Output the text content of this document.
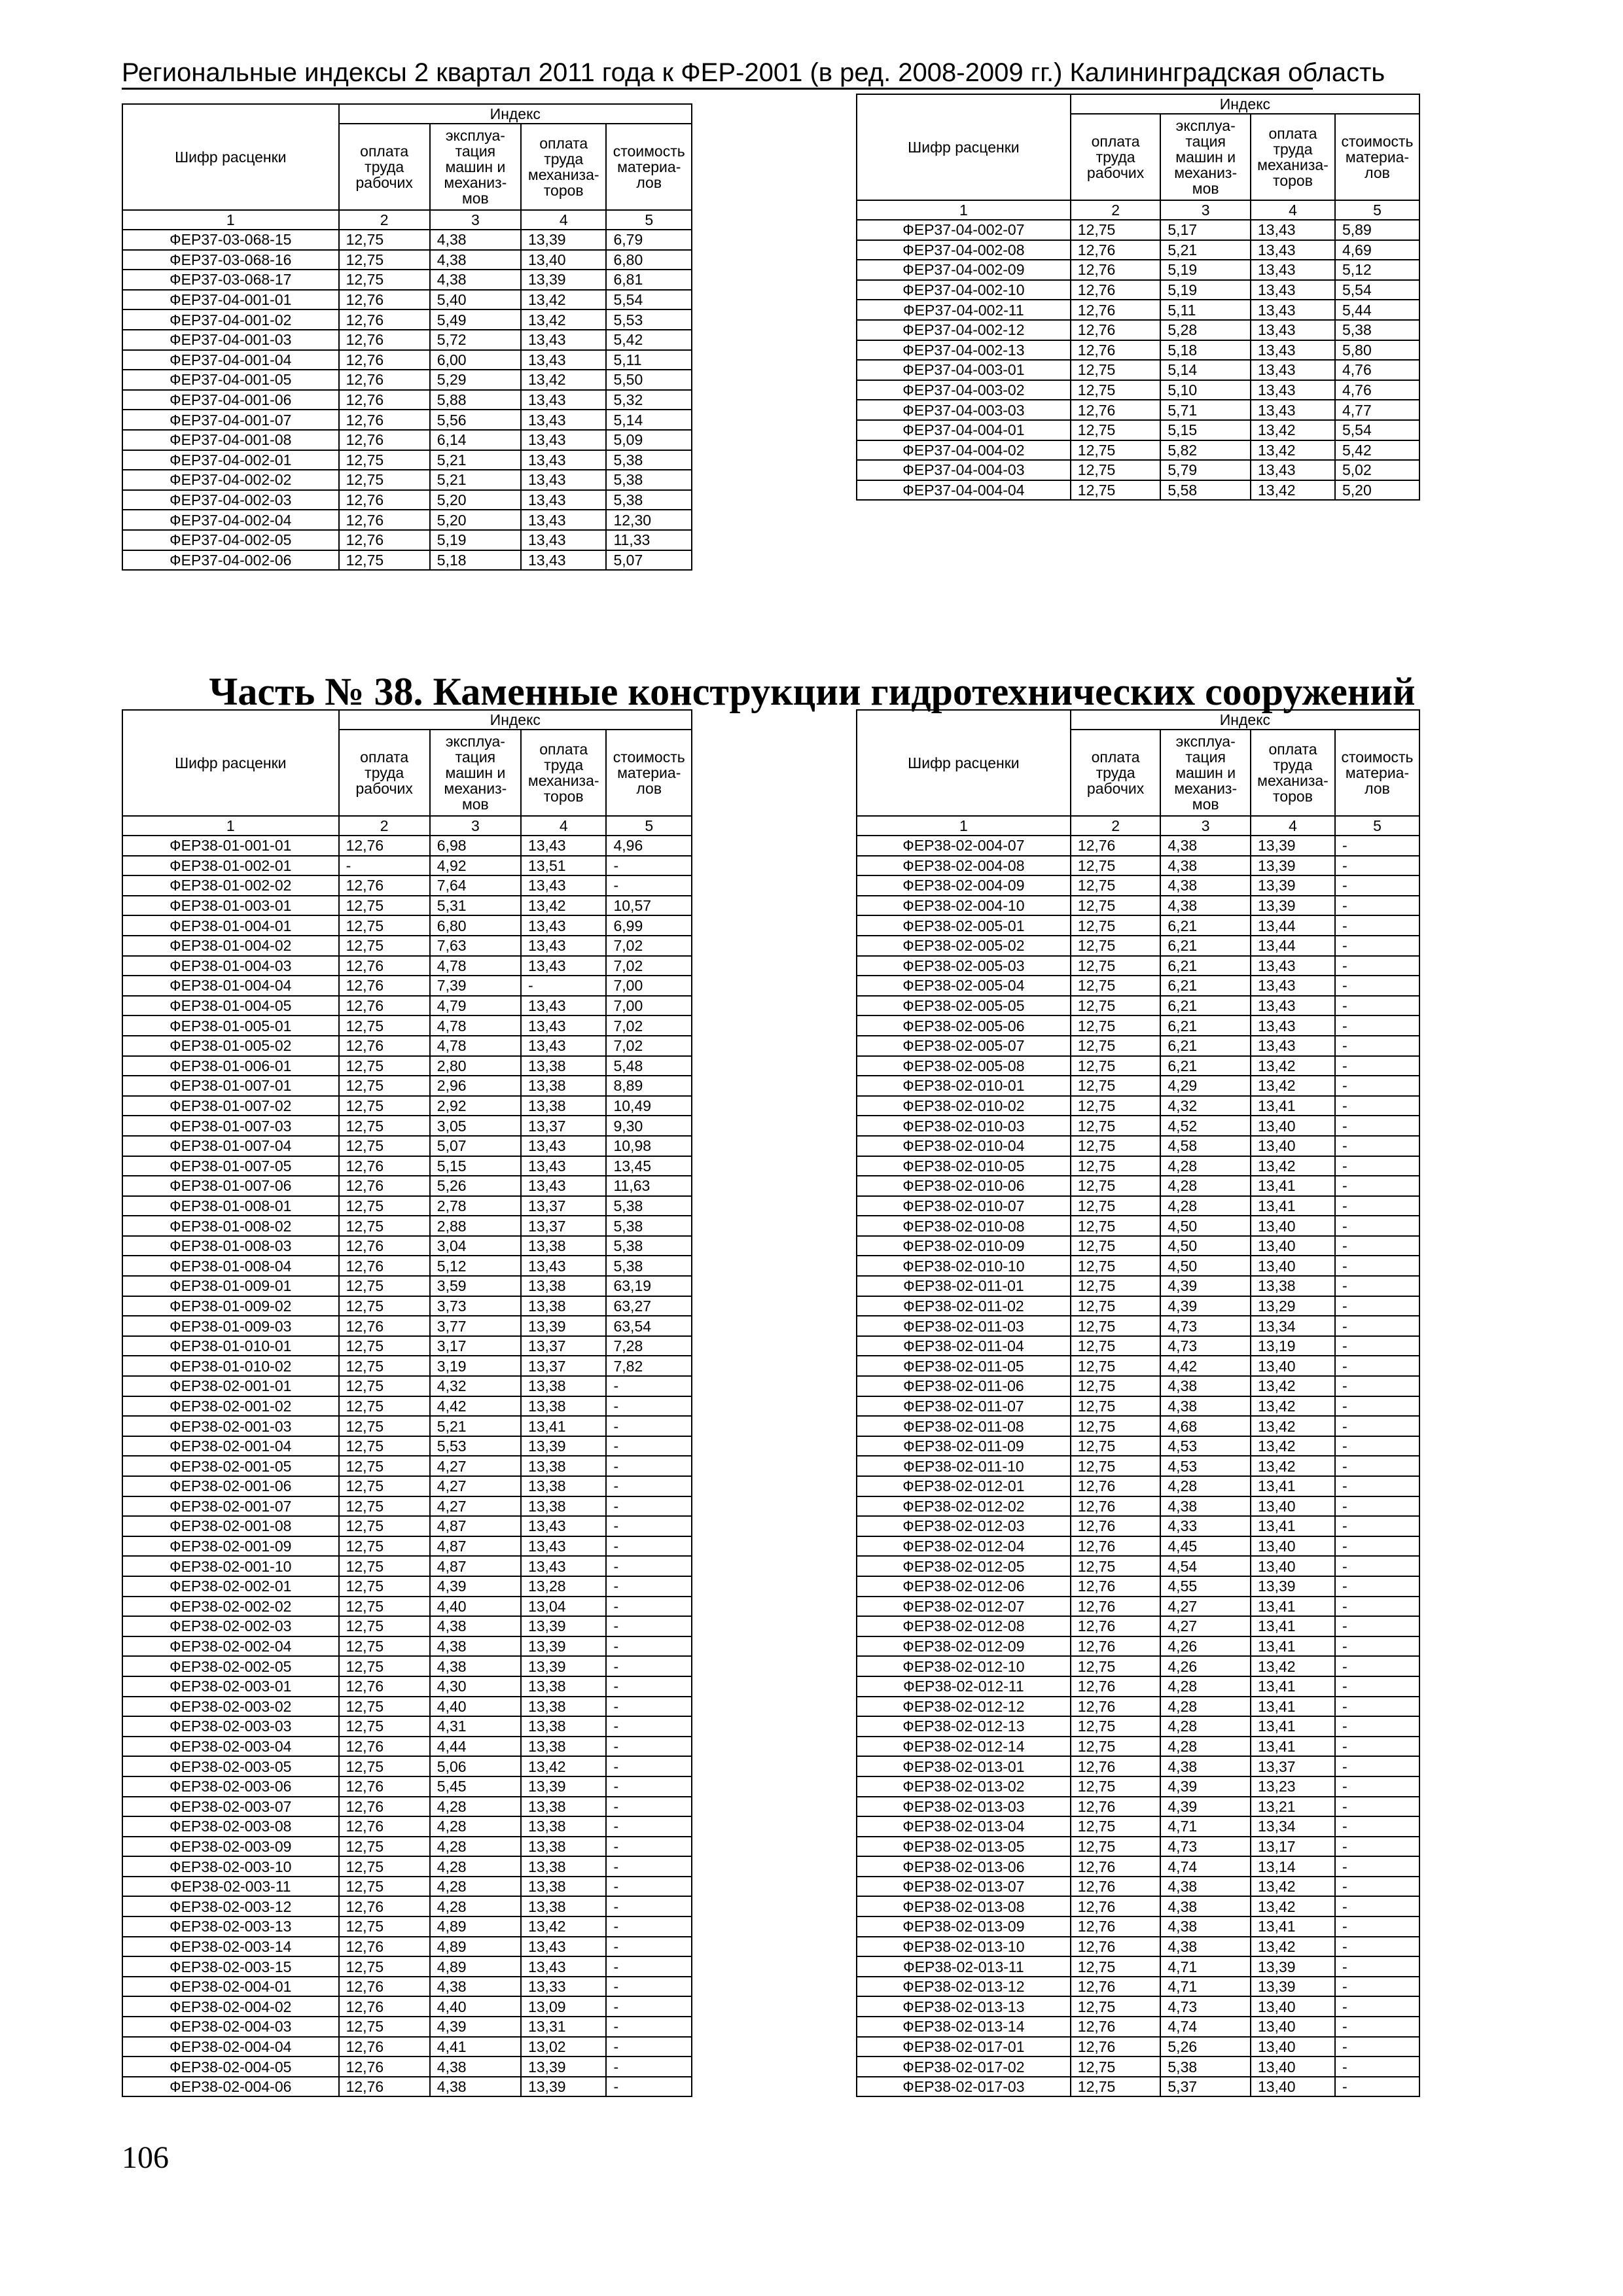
Региональные индексы 2 квартал 2011 года к ФЕР-2001 (в ред. 2008-2009 гг.) Калининградская область
Шифр расценки	Индекс			
	оплата труда рабочих	эксплуа-тация машин и механиз-мов	оплата труда механиза-торов	стоимость материа-лов
1	2	3	4	5
ФЕР37-03-068-15	12,75	4,38	13,39	6,79
ФЕР37-03-068-16	12,75	4,38	13,40	6,80
ФЕР37-03-068-17	12,75	4,38	13,39	6,81
ФЕР37-04-001-01	12,76	5,40	13,42	5,54
ФЕР37-04-001-02	12,76	5,49	13,42	5,53
ФЕР37-04-001-03	12,76	5,72	13,43	5,42
ФЕР37-04-001-04	12,76	6,00	13,43	5,11
ФЕР37-04-001-05	12,76	5,29	13,42	5,50
ФЕР37-04-001-06	12,76	5,88	13,43	5,32
ФЕР37-04-001-07	12,76	5,56	13,43	5,14
ФЕР37-04-001-08	12,76	6,14	13,43	5,09
ФЕР37-04-002-01	12,75	5,21	13,43	5,38
ФЕР37-04-002-02	12,75	5,21	13,43	5,38
ФЕР37-04-002-03	12,76	5,20	13,43	5,38
ФЕР37-04-002-04	12,76	5,20	13,43	12,30
ФЕР37-04-002-05	12,76	5,19	13,43	11,33
ФЕР37-04-002-06	12,75	5,18	13,43	5,07
Шифр расценки	Индекс			
	оплата труда рабочих	эксплуа-тация машин и механиз-мов	оплата труда механиза-торов	стоимость материа-лов
1	2	3	4	5
ФЕР37-04-002-07	12,75	5,17	13,43	5,89
ФЕР37-04-002-08	12,76	5,21	13,43	4,69
ФЕР37-04-002-09	12,76	5,19	13,43	5,12
ФЕР37-04-002-10	12,76	5,19	13,43	5,54
ФЕР37-04-002-11	12,76	5,11	13,43	5,44
ФЕР37-04-002-12	12,76	5,28	13,43	5,38
ФЕР37-04-002-13	12,76	5,18	13,43	5,80
ФЕР37-04-003-01	12,75	5,14	13,43	4,76
ФЕР37-04-003-02	12,75	5,10	13,43	4,76
ФЕР37-04-003-03	12,76	5,71	13,43	4,77
ФЕР37-04-004-01	12,75	5,15	13,42	5,54
ФЕР37-04-004-02	12,75	5,82	13,42	5,42
ФЕР37-04-004-03	12,75	5,79	13,43	5,02
ФЕР37-04-004-04	12,75	5,58	13,42	5,20
Часть № 38. Каменные конструкции гидротехнических сооружений
Шифр расценки	Индекс			
	оплата труда рабочих	эксплуа-тация машин и механиз-мов	оплата труда механиза-торов	стоимость материа-лов
1	2	3	4	5
ФЕР38-01-001-01	12,76	6,98	13,43	4,96
ФЕР38-01-002-01	-	4,92	13,51	-
ФЕР38-01-002-02	12,76	7,64	13,43	-
ФЕР38-01-003-01	12,75	5,31	13,42	10,57
ФЕР38-01-004-01	12,75	6,80	13,43	6,99
ФЕР38-01-004-02	12,75	7,63	13,43	7,02
ФЕР38-01-004-03	12,76	4,78	13,43	7,02
ФЕР38-01-004-04	12,76	7,39	-	7,00
ФЕР38-01-004-05	12,76	4,79	13,43	7,00
ФЕР38-01-005-01	12,75	4,78	13,43	7,02
ФЕР38-01-005-02	12,76	4,78	13,43	7,02
ФЕР38-01-006-01	12,75	2,80	13,38	5,48
ФЕР38-01-007-01	12,75	2,96	13,38	8,89
ФЕР38-01-007-02	12,75	2,92	13,38	10,49
ФЕР38-01-007-03	12,75	3,05	13,37	9,30
ФЕР38-01-007-04	12,75	5,07	13,43	10,98
ФЕР38-01-007-05	12,76	5,15	13,43	13,45
ФЕР38-01-007-06	12,76	5,26	13,43	11,63
ФЕР38-01-008-01	12,75	2,78	13,37	5,38
ФЕР38-01-008-02	12,75	2,88	13,37	5,38
ФЕР38-01-008-03	12,76	3,04	13,38	5,38
ФЕР38-01-008-04	12,76	5,12	13,43	5,38
ФЕР38-01-009-01	12,75	3,59	13,38	63,19
ФЕР38-01-009-02	12,75	3,73	13,38	63,27
ФЕР38-01-009-03	12,76	3,77	13,39	63,54
ФЕР38-01-010-01	12,75	3,17	13,37	7,28
ФЕР38-01-010-02	12,75	3,19	13,37	7,82
ФЕР38-02-001-01	12,75	4,32	13,38	-
ФЕР38-02-001-02	12,75	4,42	13,38	-
ФЕР38-02-001-03	12,75	5,21	13,41	-
ФЕР38-02-001-04	12,75	5,53	13,39	-
ФЕР38-02-001-05	12,75	4,27	13,38	-
ФЕР38-02-001-06	12,75	4,27	13,38	-
ФЕР38-02-001-07	12,75	4,27	13,38	-
ФЕР38-02-001-08	12,75	4,87	13,43	-
ФЕР38-02-001-09	12,75	4,87	13,43	-
ФЕР38-02-001-10	12,75	4,87	13,43	-
ФЕР38-02-002-01	12,75	4,39	13,28	-
ФЕР38-02-002-02	12,75	4,40	13,04	-
ФЕР38-02-002-03	12,75	4,38	13,39	-
ФЕР38-02-002-04	12,75	4,38	13,39	-
ФЕР38-02-002-05	12,75	4,38	13,39	-
ФЕР38-02-003-01	12,76	4,30	13,38	-
ФЕР38-02-003-02	12,75	4,40	13,38	-
ФЕР38-02-003-03	12,75	4,31	13,38	-
ФЕР38-02-003-04	12,76	4,44	13,38	-
ФЕР38-02-003-05	12,75	5,06	13,42	-
ФЕР38-02-003-06	12,76	5,45	13,39	-
ФЕР38-02-003-07	12,76	4,28	13,38	-
ФЕР38-02-003-08	12,76	4,28	13,38	-
ФЕР38-02-003-09	12,75	4,28	13,38	-
ФЕР38-02-003-10	12,75	4,28	13,38	-
ФЕР38-02-003-11	12,75	4,28	13,38	-
ФЕР38-02-003-12	12,76	4,28	13,38	-
ФЕР38-02-003-13	12,75	4,89	13,42	-
ФЕР38-02-003-14	12,76	4,89	13,43	-
ФЕР38-02-003-15	12,75	4,89	13,43	-
ФЕР38-02-004-01	12,76	4,38	13,33	-
ФЕР38-02-004-02	12,76	4,40	13,09	-
ФЕР38-02-004-03	12,75	4,39	13,31	-
ФЕР38-02-004-04	12,76	4,41	13,02	-
ФЕР38-02-004-05	12,76	4,38	13,39	-
ФЕР38-02-004-06	12,76	4,38	13,39	-
Шифр расценки	Индекс			
	оплата труда рабочих	эксплуа-тация машин и механиз-мов	оплата труда механиза-торов	стоимость материа-лов
1	2	3	4	5
ФЕР38-02-004-07	12,76	4,38	13,39	-
ФЕР38-02-004-08	12,75	4,38	13,39	-
ФЕР38-02-004-09	12,75	4,38	13,39	-
ФЕР38-02-004-10	12,75	4,38	13,39	-
ФЕР38-02-005-01	12,75	6,21	13,44	-
ФЕР38-02-005-02	12,75	6,21	13,44	-
ФЕР38-02-005-03	12,75	6,21	13,43	-
ФЕР38-02-005-04	12,75	6,21	13,43	-
ФЕР38-02-005-05	12,75	6,21	13,43	-
ФЕР38-02-005-06	12,75	6,21	13,43	-
ФЕР38-02-005-07	12,75	6,21	13,43	-
ФЕР38-02-005-08	12,75	6,21	13,42	-
ФЕР38-02-010-01	12,75	4,29	13,42	-
ФЕР38-02-010-02	12,75	4,32	13,41	-
ФЕР38-02-010-03	12,75	4,52	13,40	-
ФЕР38-02-010-04	12,75	4,58	13,40	-
ФЕР38-02-010-05	12,75	4,28	13,42	-
ФЕР38-02-010-06	12,75	4,28	13,41	-
ФЕР38-02-010-07	12,75	4,28	13,41	-
ФЕР38-02-010-08	12,75	4,50	13,40	-
ФЕР38-02-010-09	12,75	4,50	13,40	-
ФЕР38-02-010-10	12,75	4,50	13,40	-
ФЕР38-02-011-01	12,75	4,39	13,38	-
ФЕР38-02-011-02	12,75	4,39	13,29	-
ФЕР38-02-011-03	12,75	4,73	13,34	-
ФЕР38-02-011-04	12,75	4,73	13,19	-
ФЕР38-02-011-05	12,75	4,42	13,40	-
ФЕР38-02-011-06	12,75	4,38	13,42	-
ФЕР38-02-011-07	12,75	4,38	13,42	-
ФЕР38-02-011-08	12,75	4,68	13,42	-
ФЕР38-02-011-09	12,75	4,53	13,42	-
ФЕР38-02-011-10	12,75	4,53	13,42	-
ФЕР38-02-012-01	12,76	4,28	13,41	-
ФЕР38-02-012-02	12,76	4,38	13,40	-
ФЕР38-02-012-03	12,76	4,33	13,41	-
ФЕР38-02-012-04	12,76	4,45	13,40	-
ФЕР38-02-012-05	12,75	4,54	13,40	-
ФЕР38-02-012-06	12,76	4,55	13,39	-
ФЕР38-02-012-07	12,76	4,27	13,41	-
ФЕР38-02-012-08	12,76	4,27	13,41	-
ФЕР38-02-012-09	12,76	4,26	13,41	-
ФЕР38-02-012-10	12,75	4,26	13,42	-
ФЕР38-02-012-11	12,76	4,28	13,41	-
ФЕР38-02-012-12	12,76	4,28	13,41	-
ФЕР38-02-012-13	12,75	4,28	13,41	-
ФЕР38-02-012-14	12,75	4,28	13,41	-
ФЕР38-02-013-01	12,76	4,38	13,37	-
ФЕР38-02-013-02	12,75	4,39	13,23	-
ФЕР38-02-013-03	12,76	4,39	13,21	-
ФЕР38-02-013-04	12,75	4,71	13,34	-
ФЕР38-02-013-05	12,75	4,73	13,17	-
ФЕР38-02-013-06	12,76	4,74	13,14	-
ФЕР38-02-013-07	12,76	4,38	13,42	-
ФЕР38-02-013-08	12,76	4,38	13,42	-
ФЕР38-02-013-09	12,76	4,38	13,41	-
ФЕР38-02-013-10	12,76	4,38	13,42	-
ФЕР38-02-013-11	12,75	4,71	13,39	-
ФЕР38-02-013-12	12,76	4,71	13,39	-
ФЕР38-02-013-13	12,75	4,73	13,40	-
ФЕР38-02-013-14	12,76	4,74	13,40	-
ФЕР38-02-017-01	12,76	5,26	13,40	-
ФЕР38-02-017-02	12,75	5,38	13,40	-
ФЕР38-02-017-03	12,75	5,37	13,40	-
106
